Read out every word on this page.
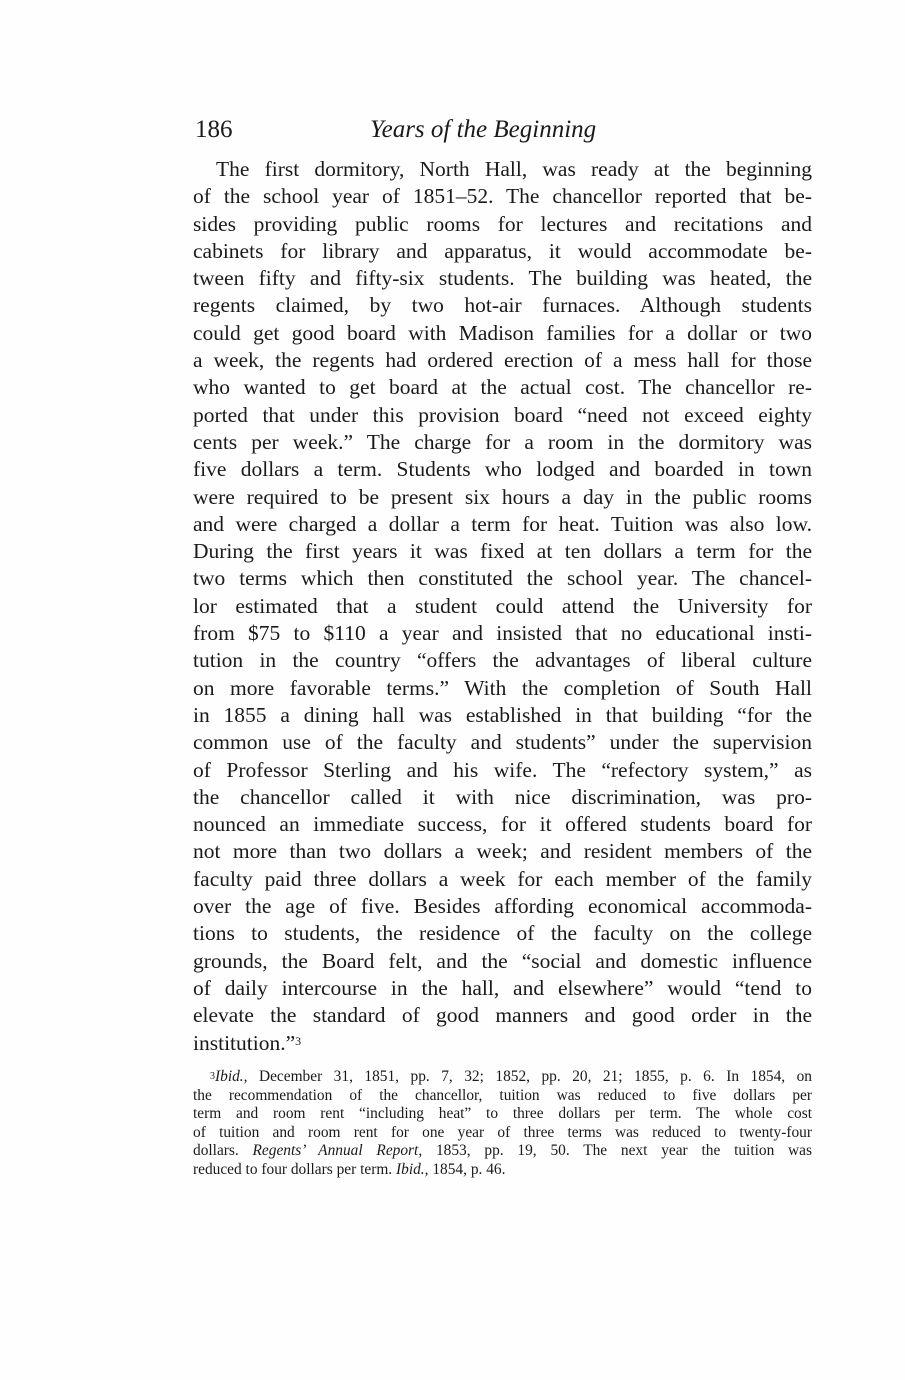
186	Years of the Beginning
The first dormitory, North Hall, was ready at the beginning
of the school year of 1851–52. The chancellor reported that be-
sides providing public rooms for lectures and recitations and
cabinets for library and apparatus, it would accommodate be-
tween fifty and fifty-six students. The building was heated, the
regents claimed, by two hot-air furnaces. Although students
could get good board with Madison families for a dollar or two
a week, the regents had ordered erection of a mess hall for those
who wanted to get board at the actual cost. The chancellor re-
ported that under this provision board “need not exceed eighty
cents per week.” The charge for a room in the dormitory was
five dollars a term. Students who lodged and boarded in town
were required to be present six hours a day in the public rooms
and were charged a dollar a term for heat. Tuition was also low.
During the first years it was fixed at ten dollars a term for the
two terms which then constituted the school year. The chancel-
lor estimated that a student could attend the University for
from $75 to $110 a year and insisted that no educational insti-
tution in the country “offers the advantages of liberal culture
on more favorable terms.” With the completion of South Hall
in 1855 a dining hall was established in that building “for the
common use of the faculty and students” under the supervision
of Professor Sterling and his wife. The “refectory system,” as
the chancellor called it with nice discrimination, was pro-
nounced an immediate success, for it offered students board for
not more than two dollars a week; and resident members of the
faculty paid three dollars a week for each member of the family
over the age of five. Besides affording economical accommoda-
tions to students, the residence of the faculty on the college
grounds, the Board felt, and the “social and domestic influence
of daily intercourse in the hall, and elsewhere” would “tend to
elevate the standard of good manners and good order in the
institution.”$^3$
$^3$Ibid., December 31, 1851, pp. 7, 32; 1852, pp. 20, 21; 1855, p. 6. In 1854, on
the recommendation of the chancellor, tuition was reduced to five dollars per
term and room rent “including heat” to three dollars per term. The whole cost
of tuition and room rent for one year of three terms was reduced to twenty-four
dollars. Regents’ Annual Report, 1853, pp. 19, 50. The next year the tuition was
reduced to four dollars per term. Ibid., 1854, p. 46.
